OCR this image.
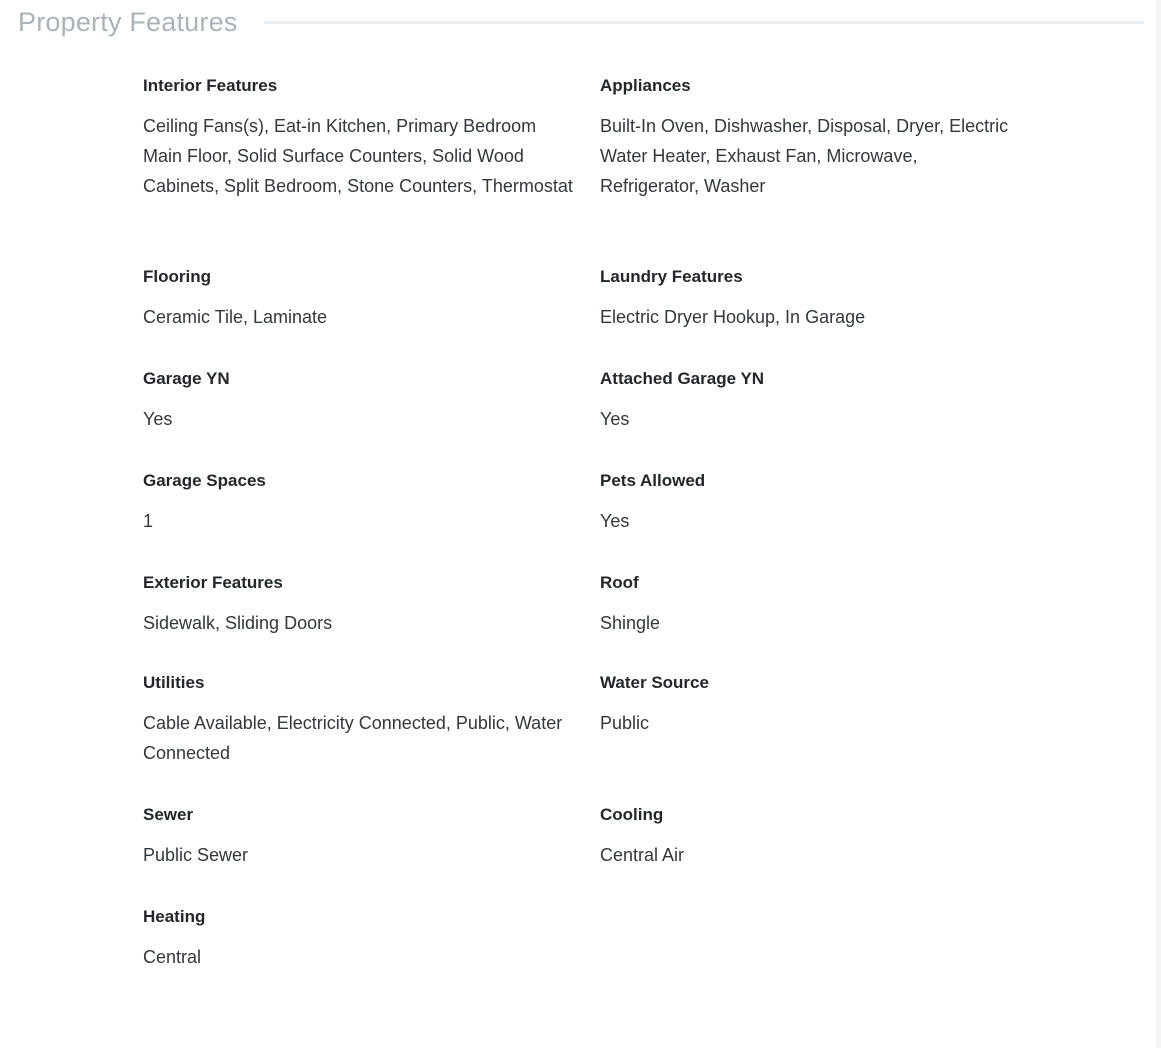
Property Features
Interior Features
Ceiling Fans(s), Eat-in Kitchen, Primary Bedroom Main Floor, Solid Surface Counters, Solid Wood Cabinets, Split Bedroom, Stone Counters, Thermostat
Appliances
Built-In Oven, Dishwasher, Disposal, Dryer, Electric Water Heater, Exhaust Fan, Microwave, Refrigerator, Washer
Flooring
Ceramic Tile, Laminate
Laundry Features
Electric Dryer Hookup, In Garage
Garage YN
Yes
Attached Garage YN
Yes
Garage Spaces
1
Pets Allowed
Yes
Exterior Features
Sidewalk, Sliding Doors
Roof
Shingle
Utilities
Cable Available, Electricity Connected, Public, Water Connected
Water Source
Public
Sewer
Public Sewer
Cooling
Central Air
Heating
Central
